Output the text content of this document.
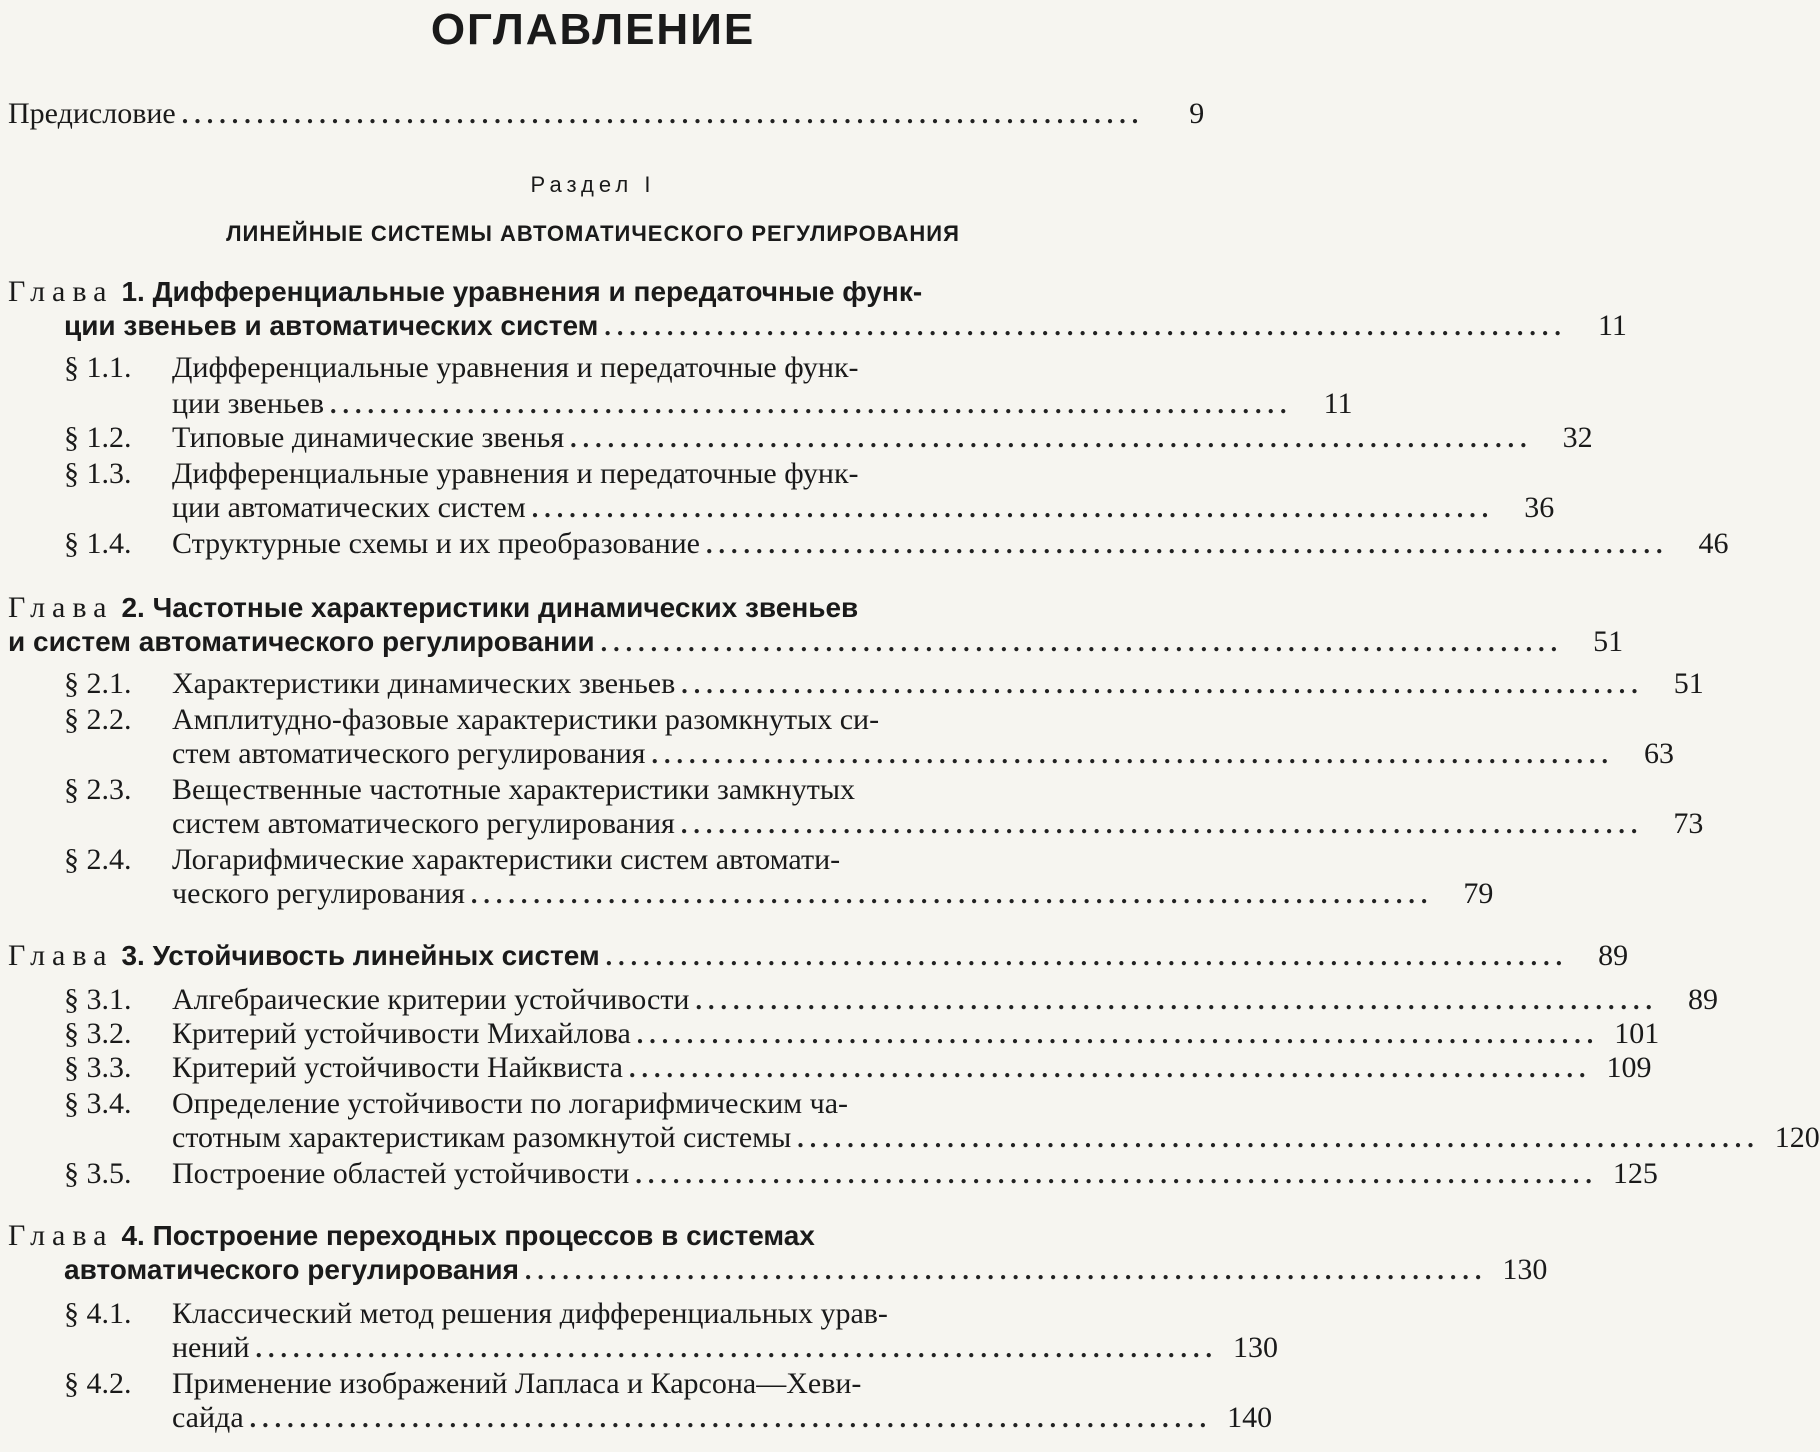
ОГЛАВЛЕНИЕ
Предисловие .............................................................................	9
Раздел I
ЛИНЕЙНЫЕ СИСТЕМЫ АВТОМАТИЧЕСКОГО РЕГУЛИРОВАНИЯ
Глава 1. Дифференциальные уравнения и передаточные функ-
ции звеньев и автоматических систем .............................................................................	11
§ 1.1.	Дифференциальные уравнения и передаточные функ-
ции звеньев .............................................................................	11
§ 1.2.	Типовые динамические звенья .............................................................................	32
§ 1.3.	Дифференциальные уравнения и передаточные функ-
ции автоматических систем .............................................................................	36
§ 1.4.	Структурные схемы и их преобразование .............................................................................	46
Глава 2. Частотные характеристики динамических звеньев
и систем автоматического регулировании .............................................................................	51
§ 2.1.	Характеристики динамических звеньев .............................................................................	51
§ 2.2.	Амплитудно-фазовые характеристики разомкнутых си-
стем автоматического регулирования .............................................................................	63
§ 2.3.	Вещественные частотные характеристики замкнутых
систем автоматического регулирования .............................................................................	73
§ 2.4.	Логарифмические характеристики систем автомати-
ческого регулирования .............................................................................	79
Глава 3. Устойчивость линейных систем .............................................................................	89
§ 3.1.	Алгебраические критерии устойчивости .............................................................................	89
§ 3.2.	Критерий устойчивости Михайлова ............................................................................. 101
§ 3.3.	Критерий устойчивости Найквиста ............................................................................. 109
§ 3.4.	Определение устойчивости по логарифмическим ча-
стотным характеристикам разомкнутой системы ............................................................................. 120
§ 3.5.	Построение областей устойчивости ............................................................................. 125
Глава 4. Построение переходных процессов в системах
автоматического регулирования ............................................................................. 130
§ 4.1.	Классический метод решения дифференциальных урав-
нений ............................................................................. 130
§ 4.2.	Применение изображений Лапласа и Карсона—Хеви-
сайда ............................................................................. 140
